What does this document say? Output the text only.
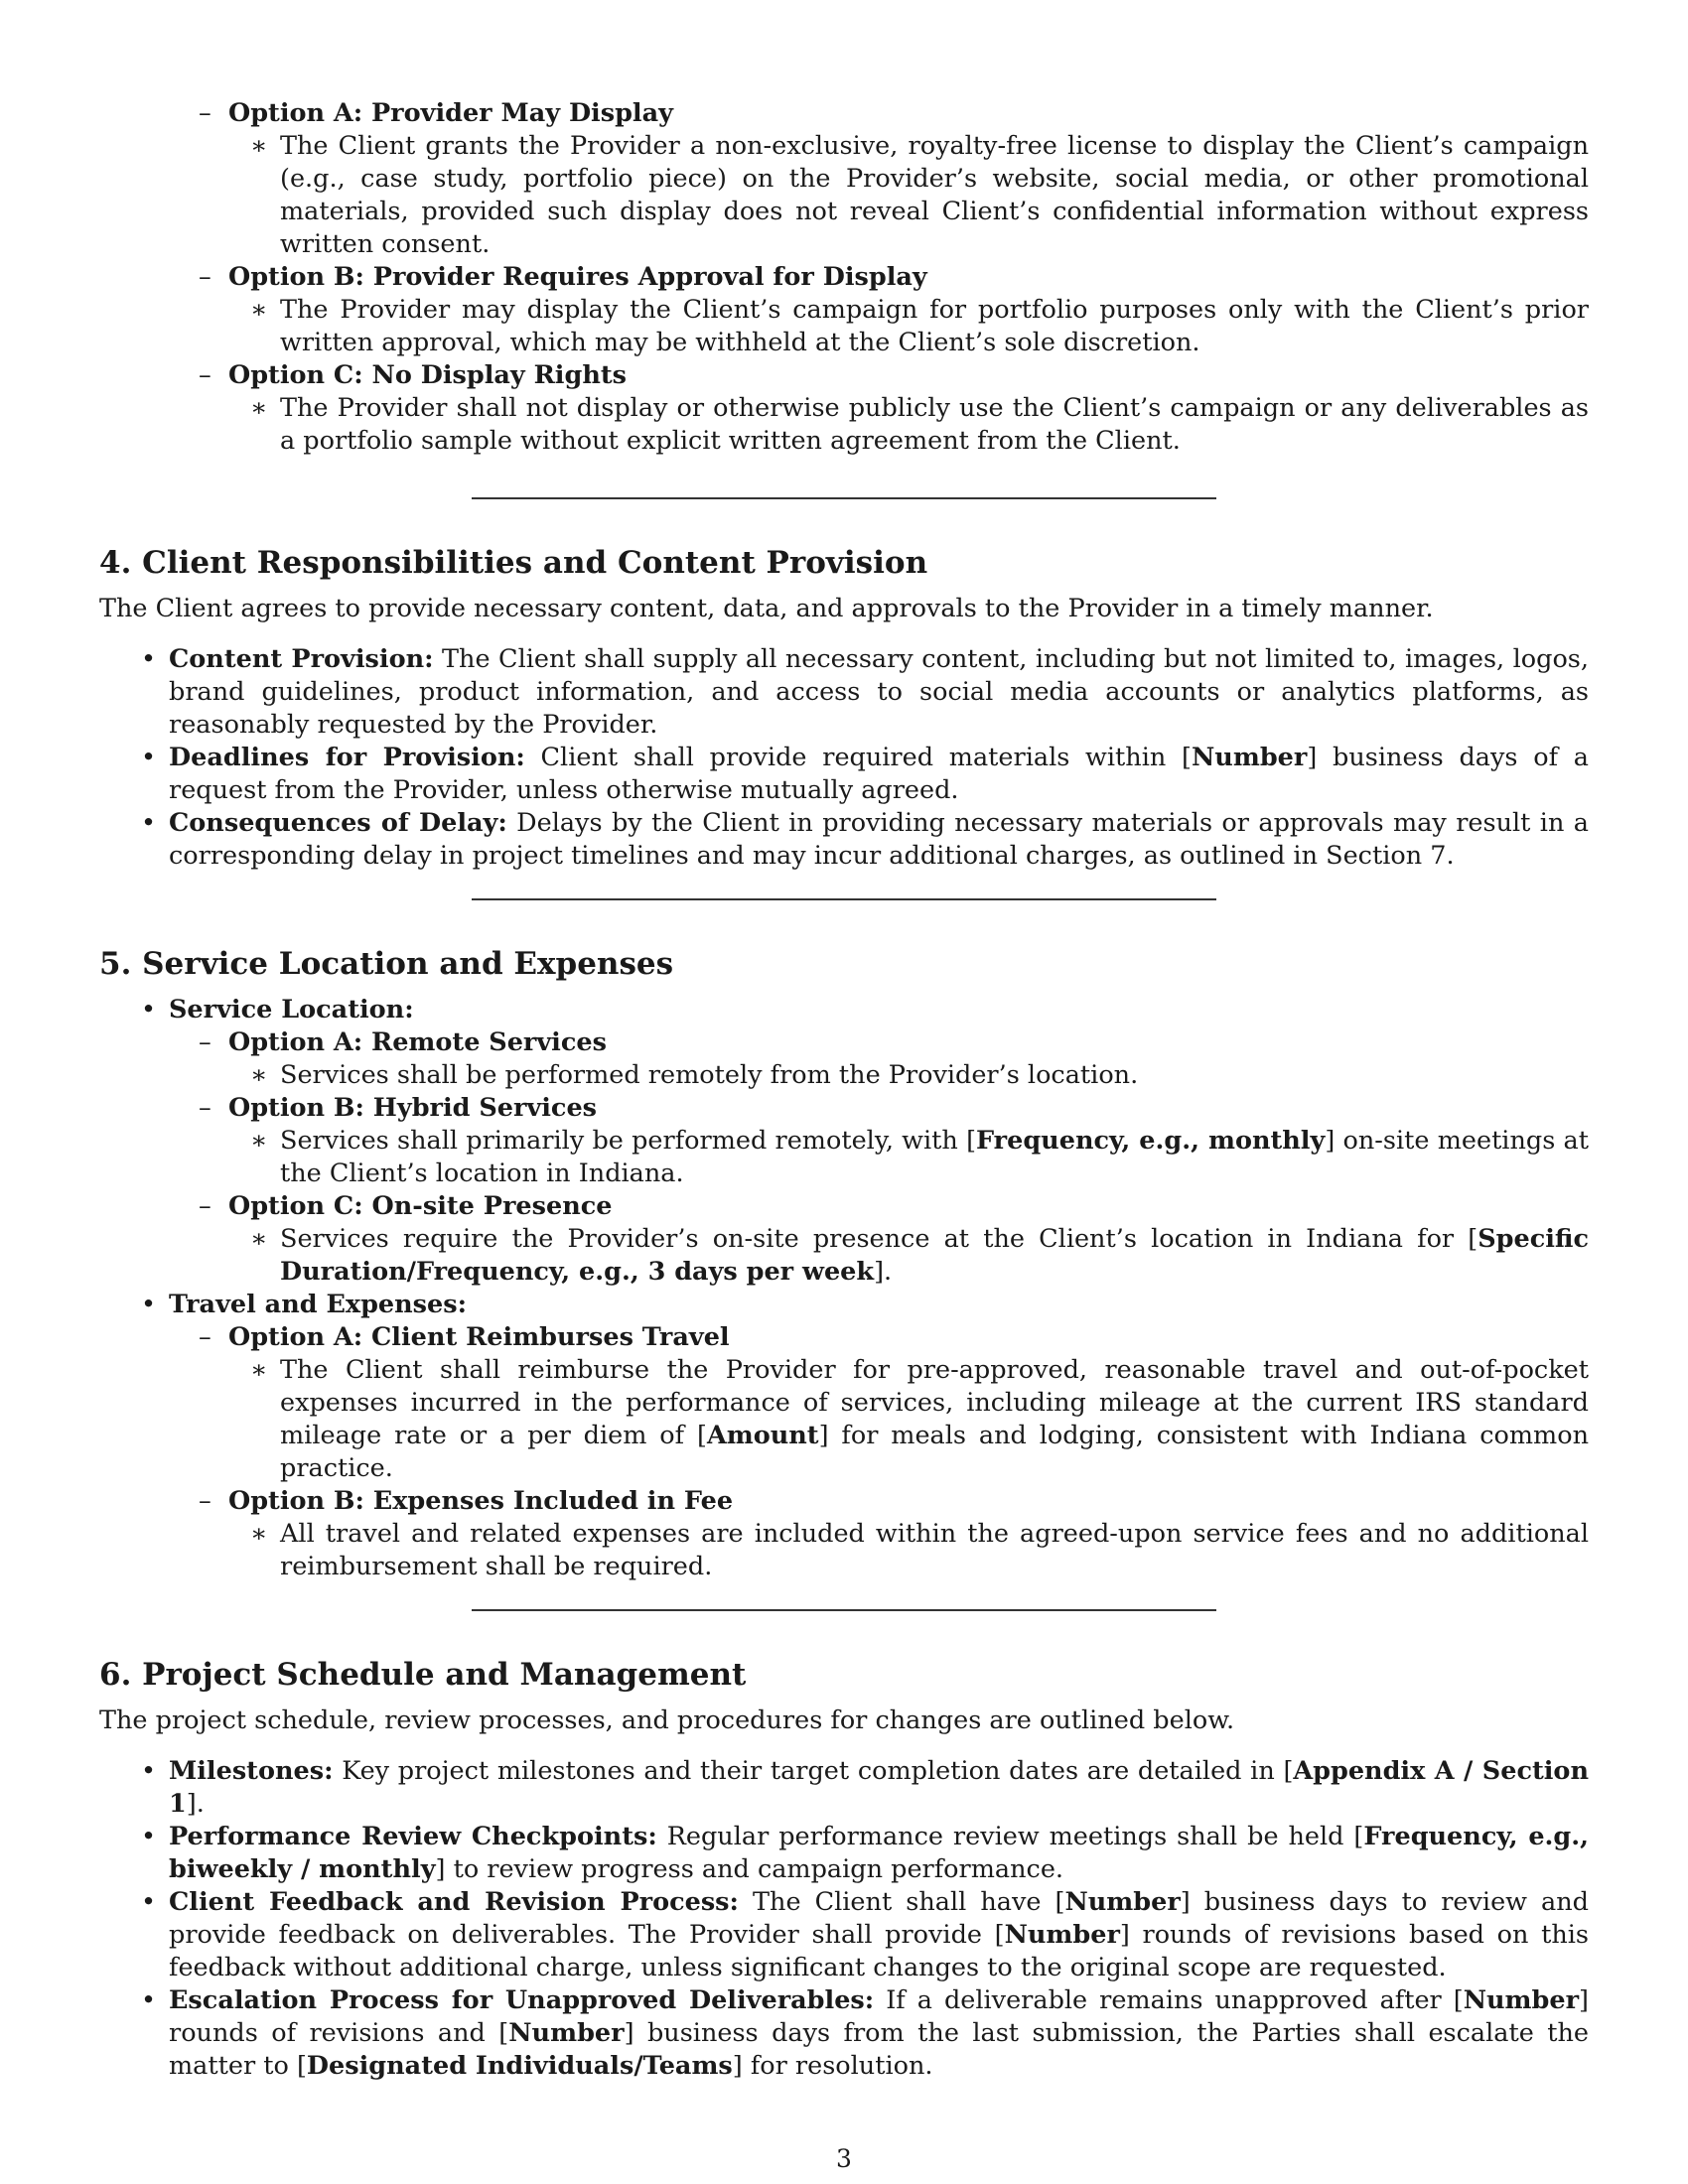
– Option A: Provider May Display
∗ The Client grants the Provider a non-exclusive, royalty-free license to display the Client’s campaign (e.g., case study, portfolio piece) on the Provider’s website, social media, or other promotional materials, provided such display does not reveal Client’s confidential information without express written consent.
– Option B: Provider Requires Approval for Display
∗ The Provider may display the Client’s campaign for portfolio purposes only with the Client’s prior written approval, which may be withheld at the Client’s sole discretion.
– Option C: No Display Rights
∗ The Provider shall not display or otherwise publicly use the Client’s campaign or any deliverables as a portfolio sample without explicit written agreement from the Client.
4. Client Responsibilities and Content Provision
The Client agrees to provide necessary content, data, and approvals to the Provider in a timely manner.
• Content Provision: The Client shall supply all necessary content, including but not limited to, images, logos, brand guidelines, product information, and access to social media accounts or analytics platforms, as reasonably requested by the Provider.
• Deadlines for Provision: Client shall provide required materials within [Number] business days of a request from the Provider, unless otherwise mutually agreed.
• Consequences of Delay: Delays by the Client in providing necessary materials or approvals may result in a corresponding delay in project timelines and may incur additional charges, as outlined in Section 7.
5. Service Location and Expenses
• Service Location:
– Option A: Remote Services
∗ Services shall be performed remotely from the Provider’s location.
– Option B: Hybrid Services
∗ Services shall primarily be performed remotely, with [Frequency, e.g., monthly] on-site meetings at the Client’s location in Indiana.
– Option C: On-site Presence
∗ Services require the Provider’s on-site presence at the Client’s location in Indiana for [Specific Duration/Frequency, e.g., 3 days per week].
• Travel and Expenses:
– Option A: Client Reimburses Travel
∗ The Client shall reimburse the Provider for pre-approved, reasonable travel and out-of-pocket expenses incurred in the performance of services, including mileage at the current IRS standard mileage rate or a per diem of [Amount] for meals and lodging, consistent with Indiana common practice.
– Option B: Expenses Included in Fee
∗ All travel and related expenses are included within the agreed-upon service fees and no additional reimbursement shall be required.
6. Project Schedule and Management
The project schedule, review processes, and procedures for changes are outlined below.
• Milestones: Key project milestones and their target completion dates are detailed in [Appendix A / Section 1].
• Performance Review Checkpoints: Regular performance review meetings shall be held [Frequency, e.g., biweekly / monthly] to review progress and campaign performance.
• Client Feedback and Revision Process: The Client shall have [Number] business days to review and provide feedback on deliverables. The Provider shall provide [Number] rounds of revisions based on this feedback without additional charge, unless significant changes to the original scope are requested.
• Escalation Process for Unapproved Deliverables: If a deliverable remains unapproved after [Number] rounds of revisions and [Number] business days from the last submission, the Parties shall escalate the matter to [Designated Individuals/Teams] for resolution.
3
